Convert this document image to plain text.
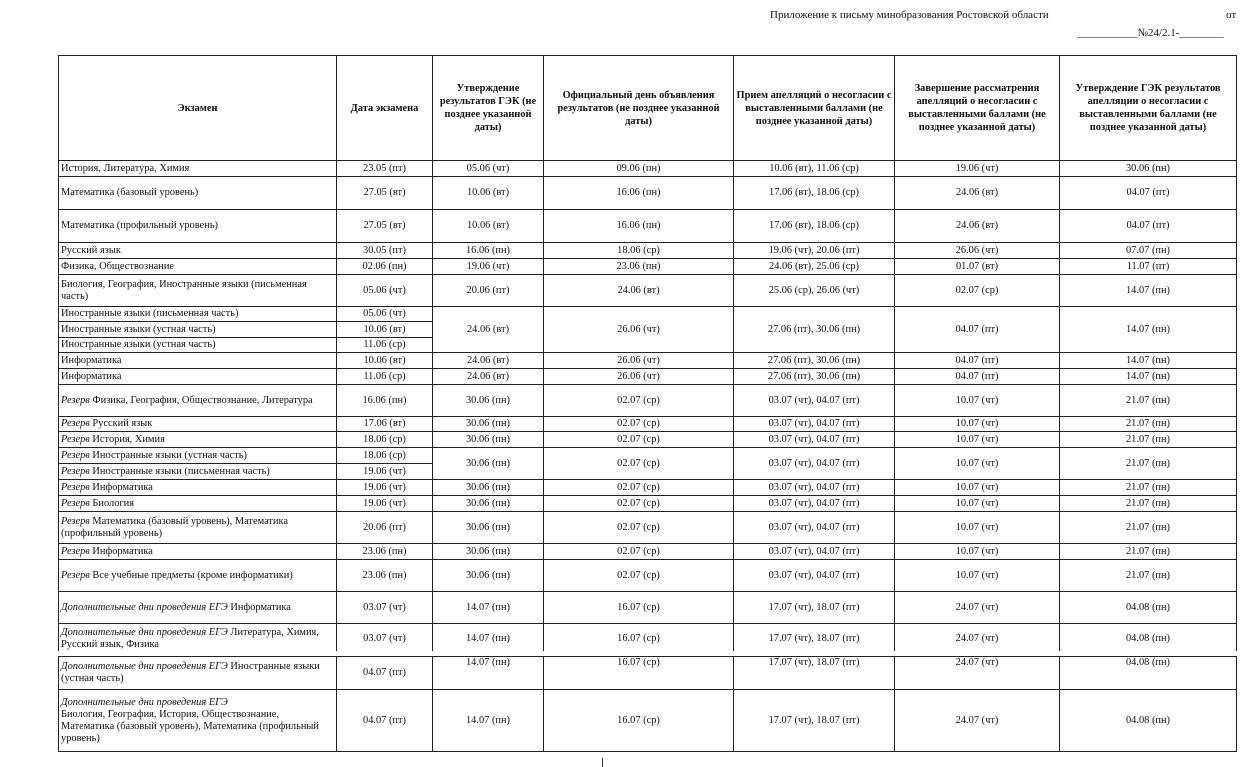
Приложение к письму минобразования Ростовской области	от
___________№24/2.1-________
Экзамен	Дата экзамена	Утверждение результатов ГЭК (не позднее указанной даты)	Официальный день объявления результатов (не позднее указанной даты)	Прием апелляций о несогласии с выставленными баллами (не позднее указанной даты)	Завершение рассматрения апелляций о несогласии с выставленными баллами (не позднее указанной даты)	Утверждение ГЭК результатов апелляции о несогласии с выставленными баллами (не позднее указанной даты)
История, Литература, Химия	23.05 (пт)	05.06 (чт)	09.06 (пн)	10.06 (вт), 11.06 (ср)	19.06 (чт)	30.06 (пн)
Математика (базовый уровень)	27.05 (вт)	10.06 (вт)	16.06 (пн)	17.06 (вт), 18.06 (ср)	24.06 (вт)	04.07 (пт)
Математика (профильный уровень)	27.05 (вт)	10.06 (вт)	16.06 (пн)	17.06 (вт), 18.06 (ср)	24.06 (вт)	04.07 (пт)
Русский язык	30.05 (пт)	16.06 (пн)	18.06 (ср)	19.06 (чт), 20.06 (пт)	26.06 (чт)	07.07 (пн)
Физика, Обществознание	02.06 (пн)	19.06 (чт)	23.06 (пн)	24.06 (вт), 25.06 (ср)	01.07 (вт)	11.07 (пт)
Биология, География, Иностранные языки (письменная часть)	05.06 (чт)	20.06 (пт)	24.06 (вт)	25.06 (ср), 26.06 (чт)	02.07 (ср)	14.07 (пн)
Иностранные языки (письменная часть)	05.06 (чт)	24.06 (вт)	26.06 (чт)	27.06 (пт), 30.06 (пн)	04.07 (пт)	14.07 (пн)
Иностранные языки (устная часть)	10.06 (вт)					
Иностранные языки (устная часть)	11.06 (ср)					
Информатика	10.06 (вт)	24.06 (вт)	26.06 (чт)	27.06 (пт), 30.06 (пн)	04.07 (пт)	14.07 (пн)
Информатика	11.06 (ср)	24.06 (вт)	26.06 (чт)	27.06 (пт), 30.06 (пн)	04.07 (пт)	14.07 (пн)
Резерв Физика, География, Обществознание, Литература	16.06 (пн)	30.06 (пн)	02.07 (ср)	03.07 (чт), 04.07 (пт)	10.07 (чт)	21.07 (пн)
Резерв Русский язык	17.06 (вт)	30.06 (пн)	02.07 (ср)	03.07 (чт), 04.07 (пт)	10.07 (чт)	21.07 (пн)
Резерв История, Химия	18.06 (ср)	30.06 (пн)	02.07 (ср)	03.07 (чт), 04.07 (пт)	10.07 (чт)	21.07 (пн)
Резерв Иностранные языки (устная часть)	18.06 (ср)	30.06 (пн)	02.07 (ср)	03.07 (чт), 04.07 (пт)	10.07 (чт)	21.07 (пн)
Резерв Иностранные языки (письменная часть)	19.06 (чт)					
Резерв Информатика	19.06 (чт)	30.06 (пн)	02.07 (ср)	03.07 (чт), 04.07 (пт)	10.07 (чт)	21.07 (пн)
Резерв Биология	19.06 (чт)	30.06 (пн)	02.07 (ср)	03.07 (чт), 04.07 (пт)	10.07 (чт)	21.07 (пн)
Резерв Математика (базовый уровень), Математика (профильный уровень)	20.06 (пт)	30.06 (пн)	02.07 (ср)	03.07 (чт), 04.07 (пт)	10.07 (чт)	21.07 (пн)
Резерв Информатика	23.06 (пн)	30.06 (пн)	02.07 (ср)	03.07 (чт), 04.07 (пт)	10.07 (чт)	21.07 (пн)
Резерв Все учебные предметы (кроме информатики)	23.06 (пн)	30.06 (пн)	02.07 (ср)	03.07 (чт), 04.07 (пт)	10.07 (чт)	21.07 (пн)
Дополнительные дни проведения ЕГЭ Информатика	03.07 (чт)	14.07 (пн)	16.07 (ср)	17.07 (чт), 18.07 (пт)	24.07 (чт)	04.08 (пн)
Дополнительные дни проведения ЕГЭ Литература, Химия, Русский язык, Физика	03.07 (чт)	14.07 (пн)	16.07 (ср)	17.07 (чт), 18.07 (пт)	24.07 (чт)	04.08 (пн)
Дополнительные дни проведения ЕГЭ Иностранные языки (устная часть)	04.07 (пт)	14.07 (пн)	16.07 (ср)	17.07 (чт), 18.07 (пт)	24.07 (чт)	04.08 (пн)
Дополнительные дни проведения ЕГЭ
Биология, География, История, Обществознание, Математика (базовый уровень), Математика (профильный уровень)	04.07 (пт)	14.07 (пн)	16.07 (ср)	17.07 (чт), 18.07 (пт)	24.07 (чт)	04.08 (пн)
